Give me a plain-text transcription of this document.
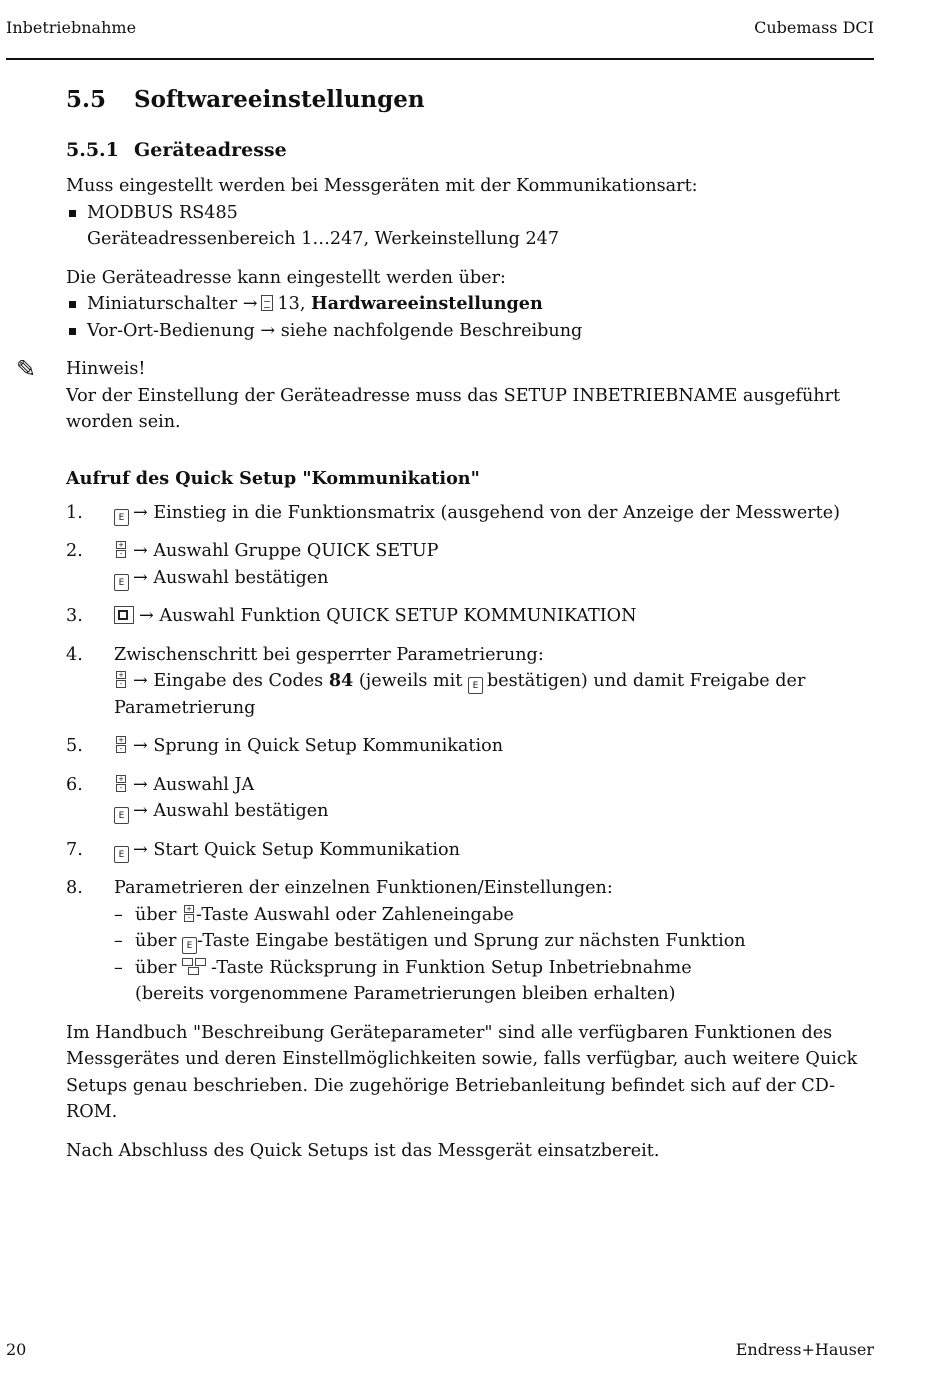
Inbetriebnahme	Cubemass DCI
5.5 Softwareeinstellungen
5.5.1 Geräteadresse

Muss eingestellt werden bei Messgeräten mit der Kommunikationsart:

MODBUS RS485
Geräteadressenbereich 1…247, Werkeinstellung 247

Die Geräteadresse kann eingestellt werden über:

Miniaturschalter → 13, Hardwareeinstellungen
Vor-Ort-Bedienung → siehe nachfolgende Beschreibung
✎ Hinweis!

Vor der Einstellung der Geräteadresse muss das SETUP INBETRIEBNAME ausgeführt worden sein.

Aufruf des Quick Setup "Kommunikation"
1.	E → Einstieg in die Funktionsmatrix (ausgehend von der Anzeige der Messwerte)
2.	+
- → Auswahl Gruppe QUICK SETUP
E → Auswahl bestätigen
3.	→ Auswahl Funktion QUICK SETUP KOMMUNIKATION
4. Zwischenschritt bei gesperrter Parametrierung:
+
- → Eingabe des Codes 84 (jeweils mit E bestätigen) und damit Freigabe der
Parametrierung
5.	+
- → Sprung in Quick Setup Kommunikation
6.	+
- → Auswahl JA
E → Auswahl bestätigen
7.	E → Start Quick Setup Kommunikation
8. Parametrieren der einzelnen Funktionen/Einstellungen:
– über +
- -Taste Auswahl oder Zahleneingabe
– über E -Taste Eingabe bestätigen und Sprung zur nächsten Funktion
– über -Taste Rücksprung in Funktion Setup Inbetriebnahme
(bereits vorgenommene Parametrierungen bleiben erhalten)

Im Handbuch "Beschreibung Geräteparameter" sind alle verfügbaren Funktionen des Messgerätes und deren Einstellmöglichkeiten sowie, falls verfügbar, auch weitere Quick Setups genau beschrieben. Die zugehörige Betriebanleitung befindet sich auf der CD-ROM.

Nach Abschluss des Quick Setups ist das Messgerät einsatzbereit.

20	Endress+Hauser
